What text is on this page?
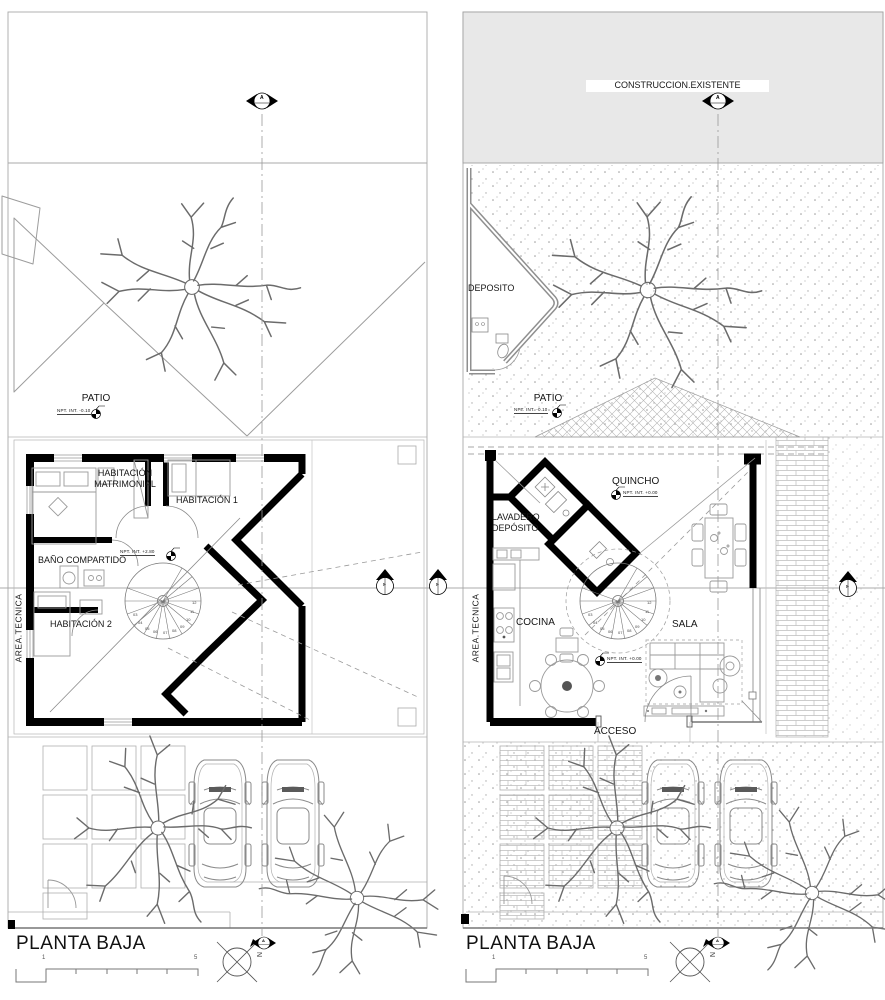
CONSTRUCCION.EXISTENTE
PATIO
NPT. INT. -0.10
HABITACIÓN
MATRIMONIAL
HABITACIÓN 1
NPT. INT. +2.80
BAÑO COMPARTIDO
HABITACIÓN 2
AREA.TECNICA
PATIO
NPT. INT. -0.10
DEPOSITO
QUINCHO
NPT. INT. +0.00
LAVADERO
DEPÓSITO
COCINA	SALA
NPT. INT. +0.00
ACCESO
AREA.TECNICA
PLANTA BAJA	PLANTA BAJA
1	5	1	5
A	A
A	A
A	A
A
N	N
03
04
05
06 07 08
09
10
11
12
03
04
05
06 07 08
09
10
11
12
